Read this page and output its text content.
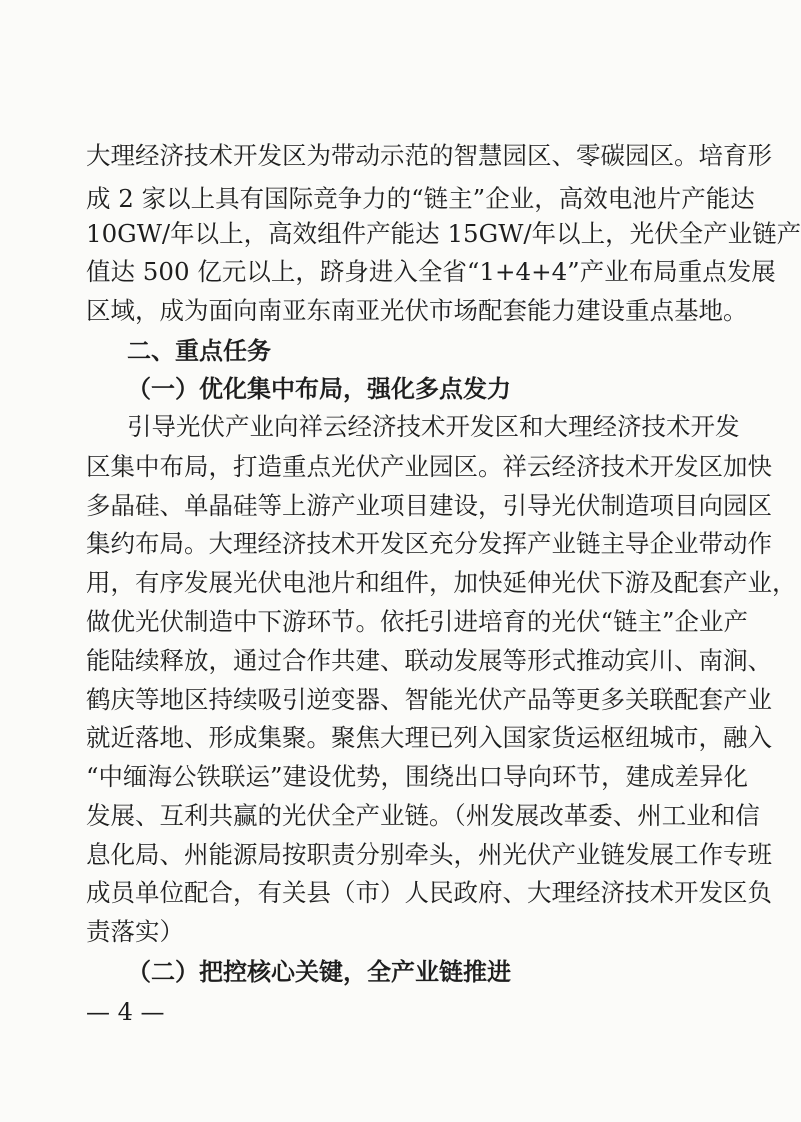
大理经济技术开发区为带动示范的智慧园区、零碳园区。培育形
成 2 家以上具有国际竞争力的“链主”企业，高效电池片产能达
10GW/年以上，高效组件产能达 15GW/年以上，光伏全产业链产
值达 500 亿元以上，跻身进入全省“1+4+4”产业布局重点发展
区域，成为面向南亚东南亚光伏市场配套能力建设重点基地。
二、重点任务
（一）优化集中布局，强化多点发力
引导光伏产业向祥云经济技术开发区和大理经济技术开发
区集中布局，打造重点光伏产业园区。祥云经济技术开发区加快
多晶硅、单晶硅等上游产业项目建设，引导光伏制造项目向园区
集约布局。大理经济技术开发区充分发挥产业链主导企业带动作
用，有序发展光伏电池片和组件，加快延伸光伏下游及配套产业，
做优光伏制造中下游环节。依托引进培育的光伏“链主”企业产
能陆续释放，通过合作共建、联动发展等形式推动宾川、南涧、
鹤庆等地区持续吸引逆变器、智能光伏产品等更多关联配套产业
就近落地、形成集聚。聚焦大理已列入国家货运枢纽城市，融入
“中缅海公铁联运”建设优势，围绕出口导向环节，建成差异化
发展、互利共赢的光伏全产业链。（州发展改革委、州工业和信
息化局、州能源局按职责分别牵头，州光伏产业链发展工作专班
成员单位配合，有关县（市）人民政府、大理经济技术开发区负
责落实）
（二）把控核心关键，全产业链推进
— 4 —
